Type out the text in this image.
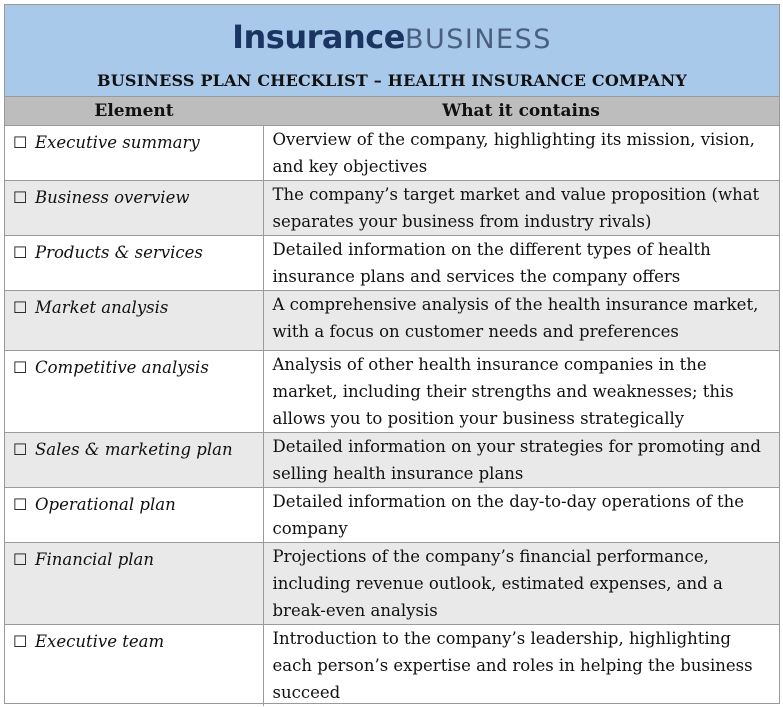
InsuranceBUSINESS
BUSINESS PLAN CHECKLIST – HEALTH INSURANCE COMPANY
Element	What it contains
☐ Executive summary	Overview of the company, highlighting its mission, vision, and key objectives
☐ Business overview	The company’s target market and value proposition (what separates your business from industry rivals)
☐ Products & services	Detailed information on the different types of health insurance plans and services the company offers
☐ Market analysis	A comprehensive analysis of the health insurance market, with a focus on customer needs and preferences
☐ Competitive analysis	Analysis of other health insurance companies in the market, including their strengths and weaknesses; this allows you to position your business strategically
☐ Sales & marketing plan	Detailed information on your strategies for promoting and selling health insurance plans
☐ Operational plan	Detailed information on the day-to-day operations of the company
☐ Financial plan	Projections of the company’s financial performance, including revenue outlook, estimated expenses, and a break-even analysis
☐ Executive team	Introduction to the company’s leadership, highlighting each person’s expertise and roles in helping the business succeed
